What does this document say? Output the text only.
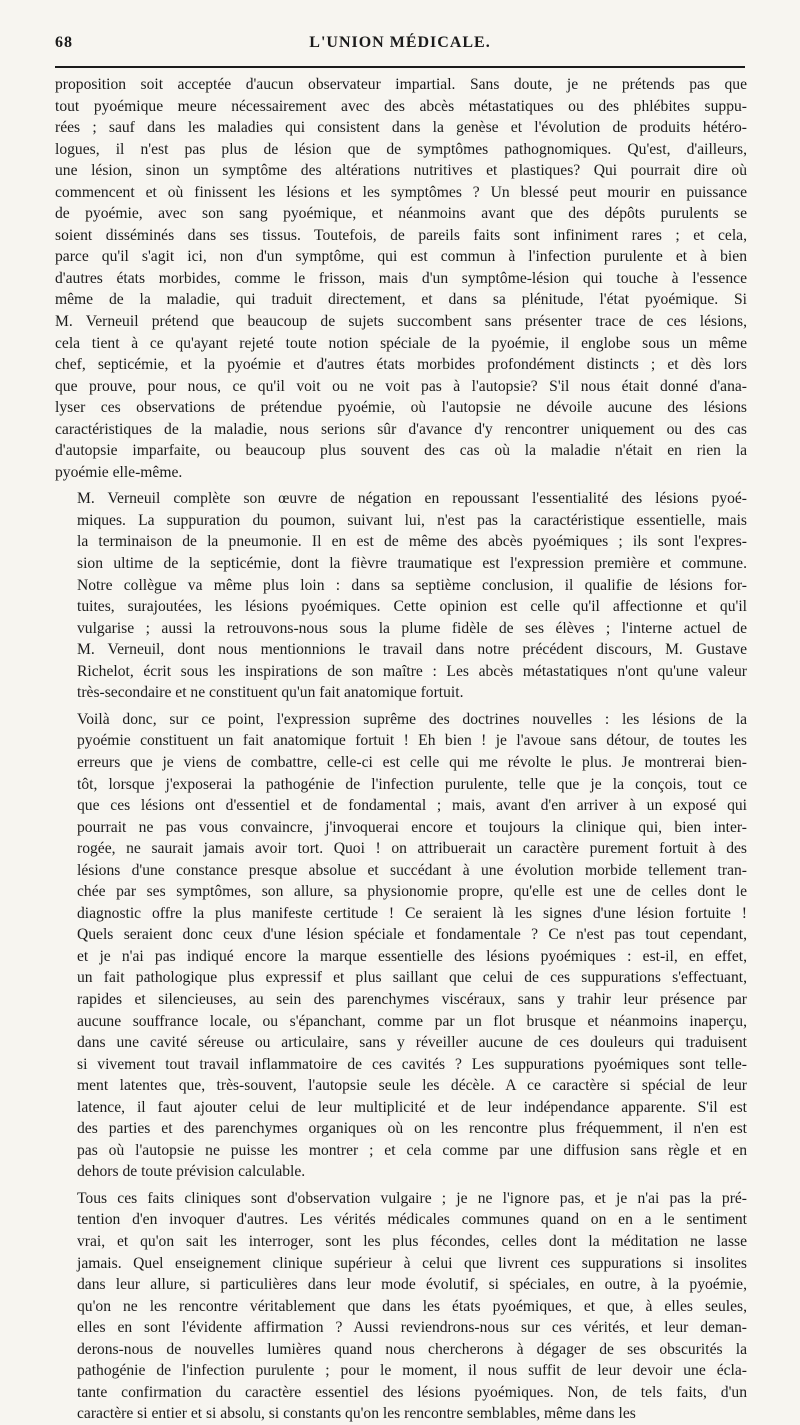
68	L'UNION MÉDICALE.
proposition soit acceptée d'aucun observateur impartial. Sans doute, je ne prétends pas que
tout pyoémique meure nécessairement avec des abcès métastatiques ou des phlébites suppu-
rées ; sauf dans les maladies qui consistent dans la genèse et l'évolution de produits hétéro-
logues, il n'est pas plus de lésion que de symptômes pathognomiques. Qu'est, d'ailleurs,
une lésion, sinon un symptôme des altérations nutritives et plastiques? Qui pourrait dire où
commencent et où finissent les lésions et les symptômes ? Un blessé peut mourir en puissance
de pyoémie, avec son sang pyoémique, et néanmoins avant que des dépôts purulents se
soient disséminés dans ses tissus. Toutefois, de pareils faits sont infiniment rares ; et cela,
parce qu'il s'agit ici, non d'un symptôme, qui est commun à l'infection purulente et à bien
d'autres états morbides, comme le frisson, mais d'un symptôme-lésion qui touche à l'essence
même de la maladie, qui traduit directement, et dans sa plénitude, l'état pyoémique. Si
M. Verneuil prétend que beaucoup de sujets succombent sans présenter trace de ces lésions,
cela tient à ce qu'ayant rejeté toute notion spéciale de la pyoémie, il englobe sous un même
chef, septicémie, et la pyoémie et d'autres états morbides profondément distincts ; et dès lors
que prouve, pour nous, ce qu'il voit ou ne voit pas à l'autopsie? S'il nous était donné d'ana-
lyser ces observations de prétendue pyoémie, où l'autopsie ne dévoile aucune des lésions
caractéristiques de la maladie, nous serions sûr d'avance d'y rencontrer uniquement ou des cas
d'autopsie imparfaite, ou beaucoup plus souvent des cas où la maladie n'était en rien la
pyoémie elle-même.
M. Verneuil complète son œuvre de négation en repoussant l'essentialité des lésions pyoé-
miques. La suppuration du poumon, suivant lui, n'est pas la caractéristique essentielle, mais
la terminaison de la pneumonie. Il en est de même des abcès pyoémiques ; ils sont l'expres-
sion ultime de la septicémie, dont la fièvre traumatique est l'expression première et commune.
Notre collègue va même plus loin : dans sa septième conclusion, il qualifie de lésions for-
tuites, surajoutées, les lésions pyoémiques. Cette opinion est celle qu'il affectionne et qu'il
vulgarise ; aussi la retrouvons-nous sous la plume fidèle de ses élèves ; l'interne actuel de
M. Verneuil, dont nous mentionnions le travail dans notre précédent discours, M. Gustave
Richelot, écrit sous les inspirations de son maître : Les abcès métastatiques n'ont qu'une valeur
très-secondaire et ne constituent qu'un fait anatomique fortuit.
Voilà donc, sur ce point, l'expression suprême des doctrines nouvelles : les lésions de la
pyoémie constituent un fait anatomique fortuit ! Eh bien ! je l'avoue sans détour, de toutes les
erreurs que je viens de combattre, celle-ci est celle qui me révolte le plus. Je montrerai bien-
tôt, lorsque j'exposerai la pathogénie de l'infection purulente, telle que je la conçois, tout ce
que ces lésions ont d'essentiel et de fondamental ; mais, avant d'en arriver à un exposé qui
pourrait ne pas vous convaincre, j'invoquerai encore et toujours la clinique qui, bien inter-
rogée, ne saurait jamais avoir tort. Quoi ! on attribuerait un caractère purement fortuit à des
lésions d'une constance presque absolue et succédant à une évolution morbide tellement tran-
chée par ses symptômes, son allure, sa physionomie propre, qu'elle est une de celles dont le
diagnostic offre la plus manifeste certitude ! Ce seraient là les signes d'une lésion fortuite !
Quels seraient donc ceux d'une lésion spéciale et fondamentale ? Ce n'est pas tout cependant,
et je n'ai pas indiqué encore la marque essentielle des lésions pyoémiques : est-il, en effet,
un fait pathologique plus expressif et plus saillant que celui de ces suppurations s'effectuant,
rapides et silencieuses, au sein des parenchymes viscéraux, sans y trahir leur présence par
aucune souffrance locale, ou s'épanchant, comme par un flot brusque et néanmoins inaperçu,
dans une cavité séreuse ou articulaire, sans y réveiller aucune de ces douleurs qui traduisent
si vivement tout travail inflammatoire de ces cavités ? Les suppurations pyoémiques sont telle-
ment latentes que, très-souvent, l'autopsie seule les décèle. A ce caractère si spécial de leur
latence, il faut ajouter celui de leur multiplicité et de leur indépendance apparente. S'il est
des parties et des parenchymes organiques où on les rencontre plus fréquemment, il n'en est
pas où l'autopsie ne puisse les montrer ; et cela comme par une diffusion sans règle et en
dehors de toute prévision calculable.
Tous ces faits cliniques sont d'observation vulgaire ; je ne l'ignore pas, et je n'ai pas la pré-
tention d'en invoquer d'autres. Les vérités médicales communes quand on en a le sentiment
vrai, et qu'on sait les interroger, sont les plus fécondes, celles dont la méditation ne lasse
jamais. Quel enseignement clinique supérieur à celui que livrent ces suppurations si insolites
dans leur allure, si particulières dans leur mode évolutif, si spéciales, en outre, à la pyoémie,
qu'on ne les rencontre véritablement que dans les états pyoémiques, et que, à elles seules,
elles en sont l'évidente affirmation ? Aussi reviendrons-nous sur ces vérités, et leur deman-
derons-nous de nouvelles lumières quand nous chercherons à dégager de ses obscurités la
pathogénie de l'infection purulente ; pour le moment, il nous suffit de leur devoir une écla-
tante confirmation du caractère essentiel des lésions pyoémiques. Non, de tels faits, d'un
caractère si entier et si absolu, si constants qu'on les rencontre semblables, même dans les
